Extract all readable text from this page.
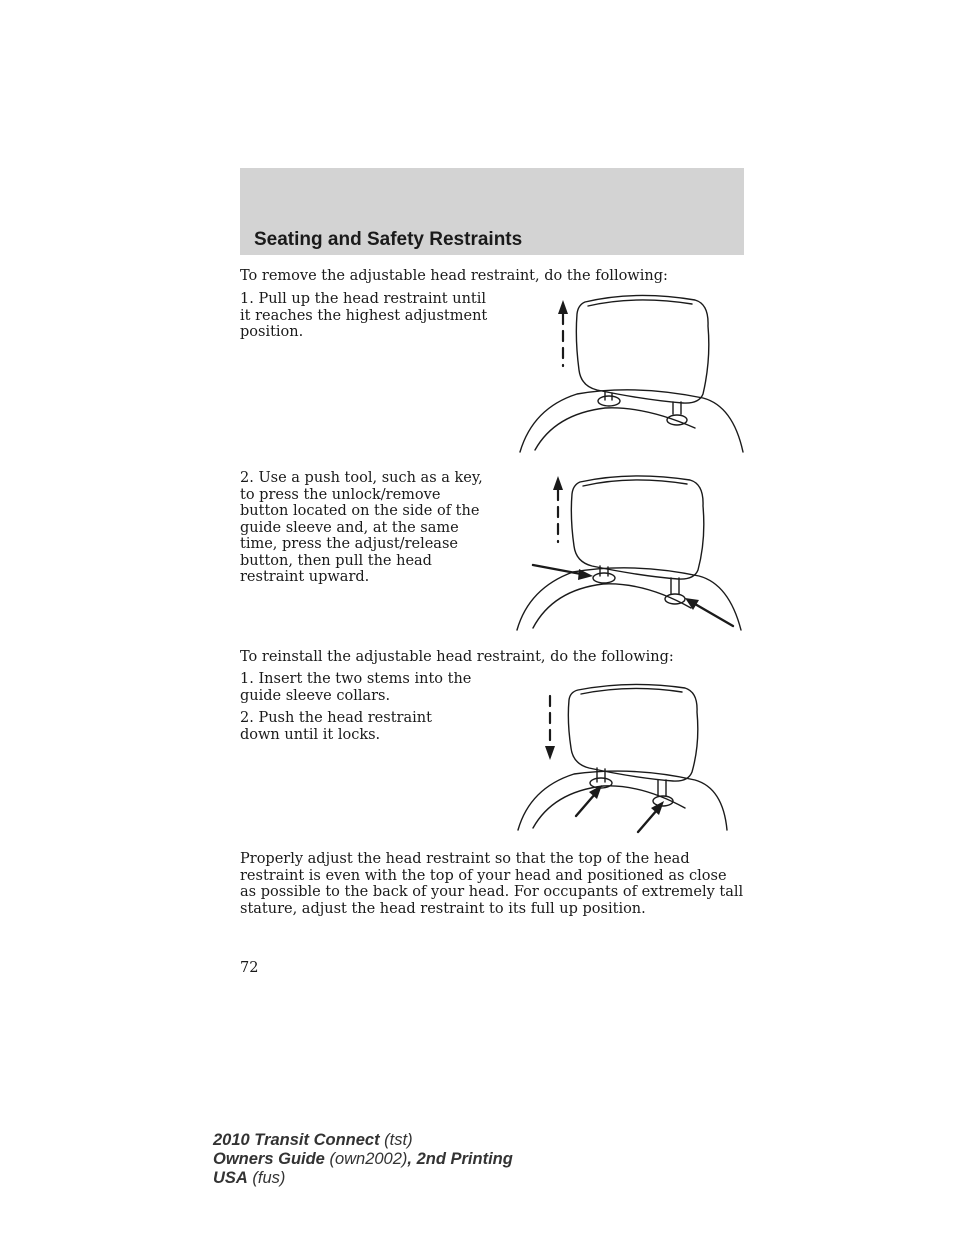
Seating and Safety Restraints

To remove the adjustable head restraint, do the following:

1. Pull up the head restraint until it reaches the highest adjustment position.

2. Use a push tool, such as a key, to press the unlock/remove button located on the side of the guide sleeve and, at the same time, press the adjust/release button, then pull the head restraint upward.

To reinstall the adjustable head restraint, do the following:

1. Insert the two stems into the guide sleeve collars.

2. Push the head restraint down until it locks.

Properly adjust the head restraint so that the top of the head restraint is even with the top of your head and positioned as close as possible to the back of your head. For occupants of extremely tall stature, adjust the head restraint to its full up position.

72

2010 Transit Connect (tst)
Owners Guide (own2002), 2nd Printing
USA (fus)
